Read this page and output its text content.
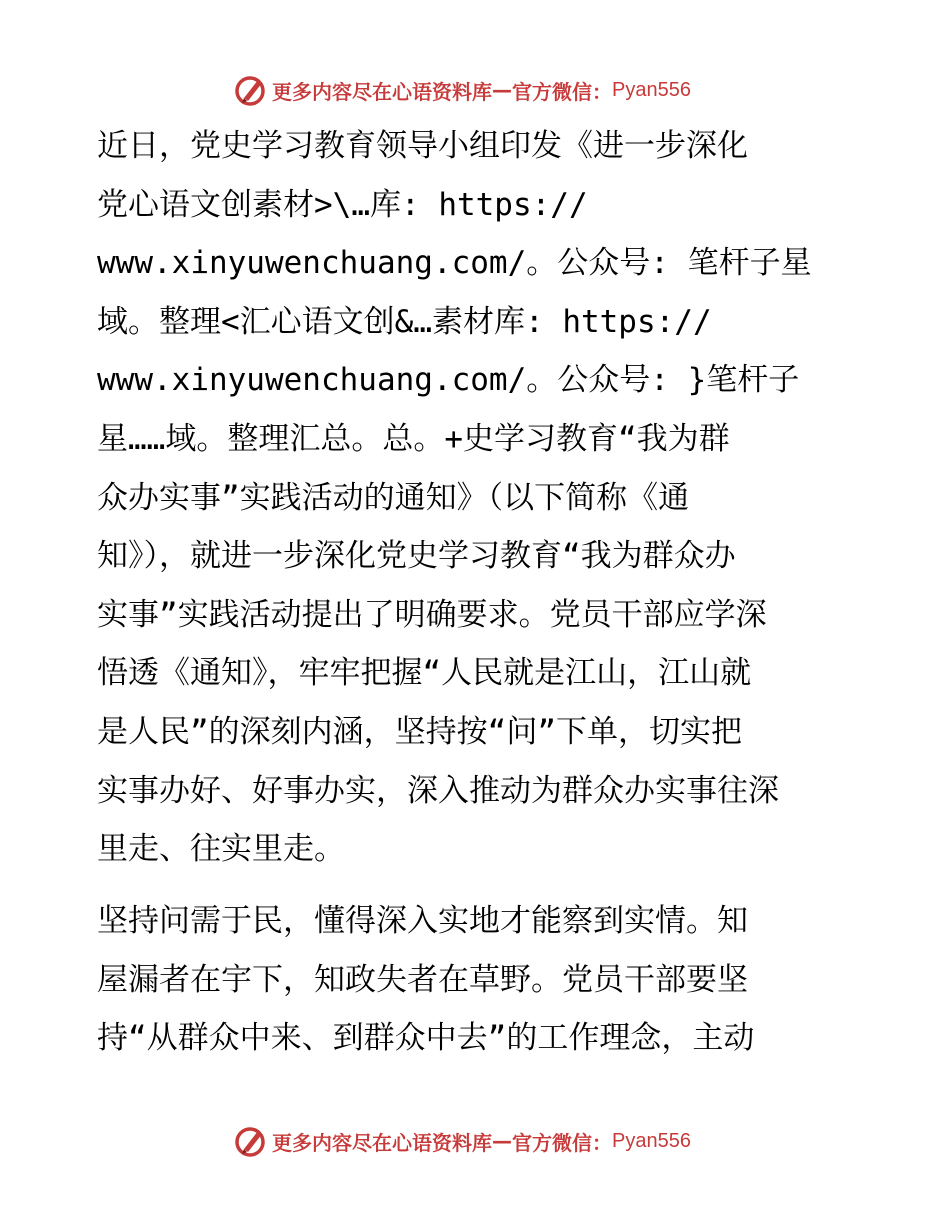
更多内容尽在心语资料库 — 官方微信： Pyan556
近日，党史学习教育领导小组印发《进一步深化
党心语文创素材>\…库: https://
www.xinyuwenchuang.com/。公众号: 笔杆子星
域。整理<汇心语文创&…素材库: https://
www.xinyuwenchuang.com/。公众号: }笔杆子
星……域。整理汇总。总。+史学习教育“我为群
众办实事”实践活动的通知》（以下简称《通
知》），就进一步深化党史学习教育“我为群众办
实事”实践活动提出了明确要求。党员干部应学深
悟透《通知》，牢牢把握“人民就是江山，江山就
是人民”的深刻内涵，坚持按“问”下单，切实把
实事办好、好事办实，深入推动为群众办实事往深
里走、往实里走。
坚持问需于民，懂得深入实地才能察到实情。知
屋漏者在宇下，知政失者在草野。党员干部要坚
持“从群众中来、到群众中去”的工作理念，主动
更多内容尽在心语资料库 — 官方微信： Pyan556
